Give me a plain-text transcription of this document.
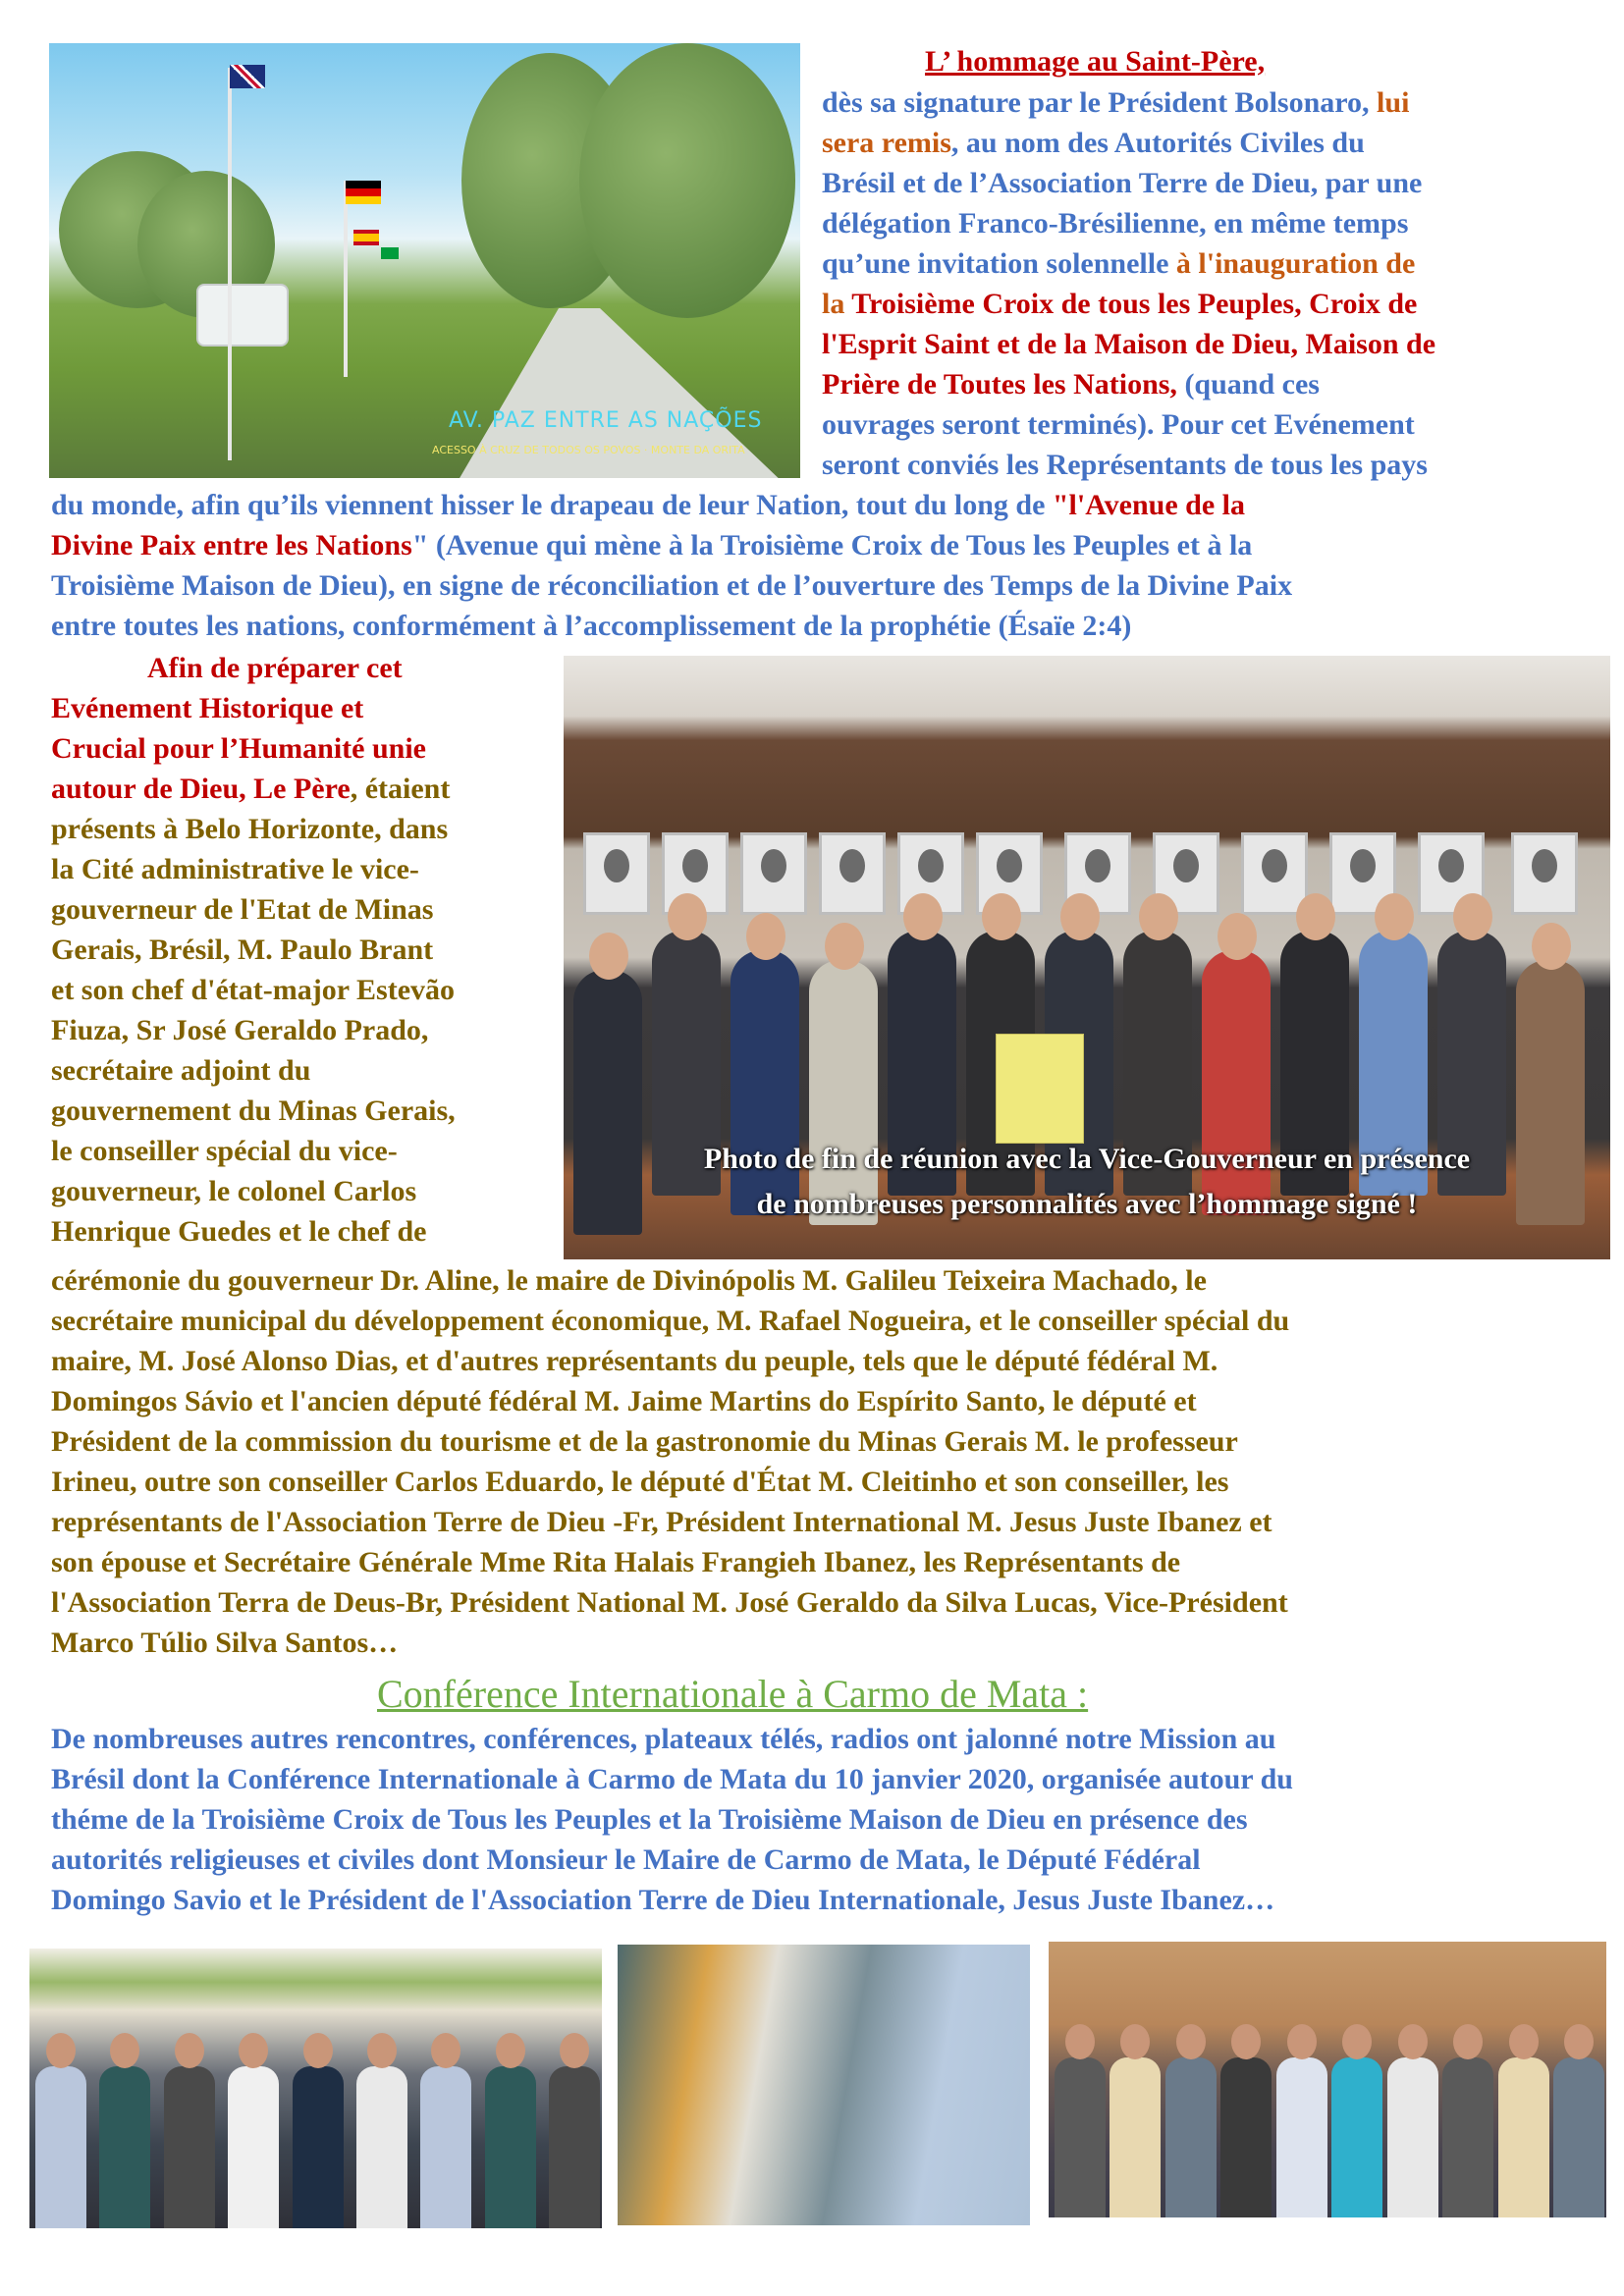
AV. PAZ ENTRE AS NAÇÕES
ACESSO À CRUZ DE TODOS OS POVOS · MONTE DA ORITA
L’ hommage au Saint-Père,
dès sa signature par le Président Bolsonaro, lui
sera remis, au nom des Autorités Civiles du
Brésil et de l’Association Terre de Dieu, par une
délégation Franco-Brésilienne, en même temps
qu’une invitation solennelle à l'inauguration de
la Troisième Croix de tous les Peuples, Croix de
l'Esprit Saint et de la Maison de Dieu, Maison de
Prière de Toutes les Nations, (quand ces
ouvrages seront terminés). Pour cet Evénement
seront conviés les Représentants de tous les pays
du monde, afin qu’ils viennent hisser le drapeau de leur Nation, tout du long de "l'Avenue de la
Divine Paix entre les Nations" (Avenue qui mène à la Troisième Croix de Tous les Peuples et à la
Troisième Maison de Dieu), en signe de réconciliation et de l’ouverture des Temps de la Divine Paix
entre toutes les nations, conformément à l’accomplissement de la prophétie (Ésaïe 2:4)
Afin de préparer cet
Evénement Historique et
Crucial pour l’Humanité unie
autour de Dieu, Le Père, étaient
présents à Belo Horizonte, dans
la Cité administrative le vice-
gouverneur de l'Etat de Minas
Gerais, Brésil, M. Paulo Brant
et son chef d'état-major Estevão
Fiuza, Sr José Geraldo Prado,
secrétaire adjoint du
gouvernement du Minas Gerais,
le conseiller spécial du vice-
gouverneur, le colonel Carlos
Henrique Guedes et le chef de
Photo de fin de réunion avec la Vice-Gouverneur en présence
de nombreuses personnalités avec l’hommage signé !
cérémonie du gouverneur Dr. Aline, le maire de Divinópolis M. Galileu Teixeira Machado, le
secrétaire municipal du développement économique, M. Rafael Nogueira, et le conseiller spécial du
maire, M. José Alonso Dias, et d'autres représentants du peuple, tels que le député fédéral M.
Domingos Sávio et l'ancien député fédéral M. Jaime Martins do Espírito Santo, le député et
Président de la commission du tourisme et de la gastronomie du Minas Gerais M. le professeur
Irineu, outre son conseiller Carlos Eduardo, le député d'État M. Cleitinho et son conseiller, les
représentants de l'Association Terre de Dieu -Fr, Président International M. Jesus Juste Ibanez et
son épouse et Secrétaire Générale Mme Rita Halais Frangieh Ibanez, les Représentants de
l'Association Terra de Deus-Br, Président National M. José Geraldo da Silva Lucas, Vice-Président
Marco Túlio Silva Santos…
Conférence Internationale à Carmo de Mata :
De nombreuses autres rencontres, conférences, plateaux télés, radios ont jalonné notre Mission au
Brésil dont la Conférence Internationale à Carmo de Mata du 10 janvier 2020, organisée autour du
théme de la Troisième Croix de Tous les Peuples et la Troisième Maison de Dieu en présence des
autorités religieuses et civiles dont Monsieur le Maire de Carmo de Mata, le Député Fédéral
Domingo Savio et le Président de l'Association Terre de Dieu Internationale, Jesus Juste Ibanez…
